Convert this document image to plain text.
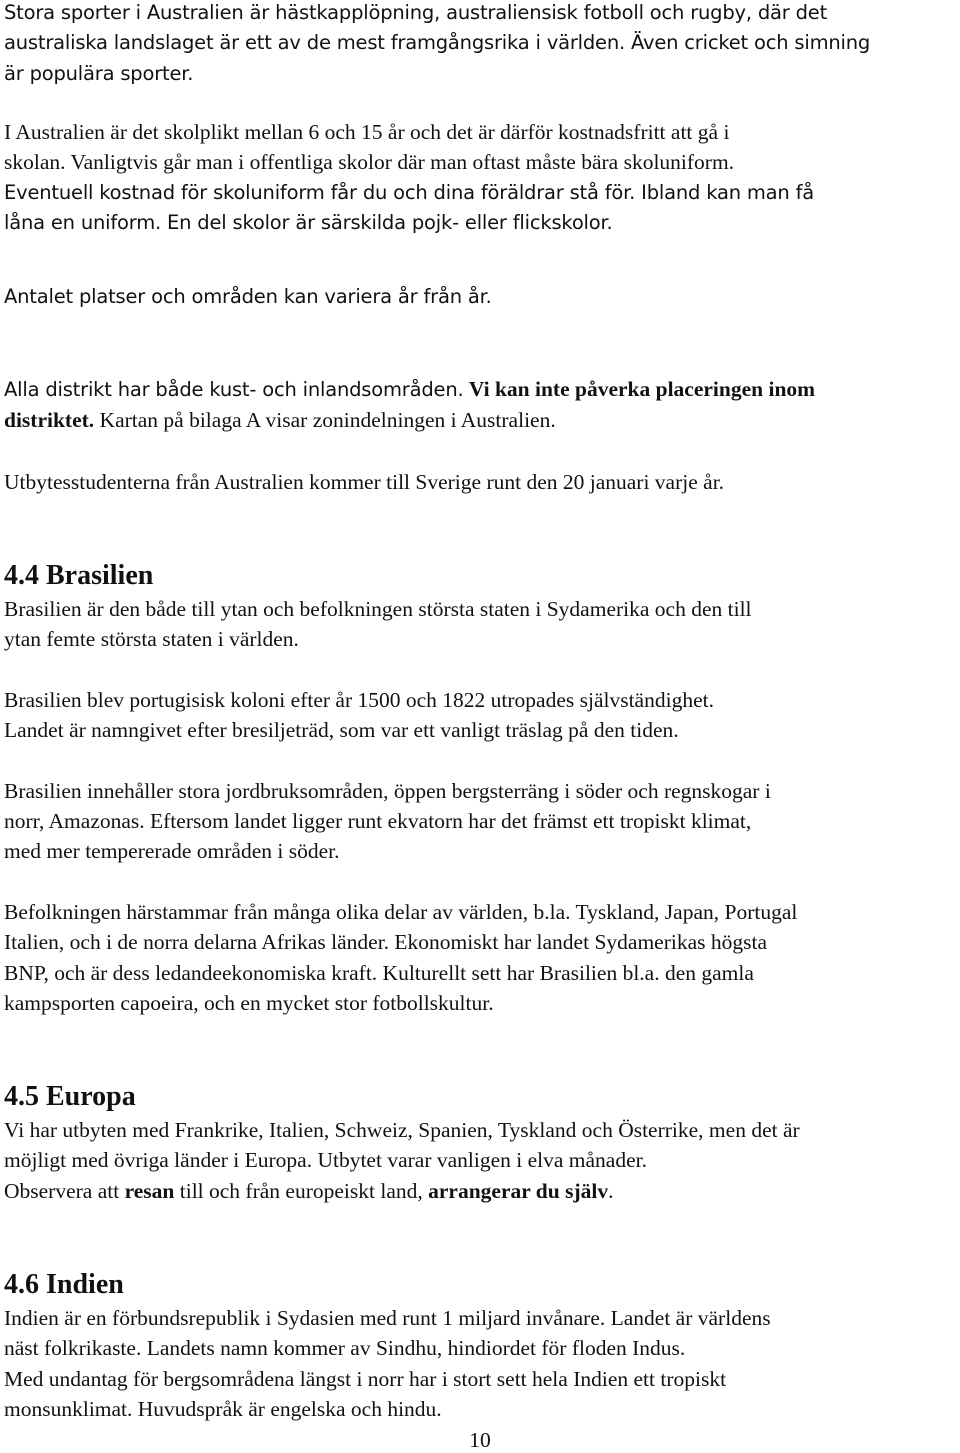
Stora sporter i Australien är hästkapplöpning, australiensisk fotboll och rugby, där det

australiska landslaget är ett av de mest framgångsrika i världen. Även cricket och simning

är populära sporter.

I Australien är det skolplikt mellan 6 och 15 år och det är därför kostnadsfritt att gå i

skolan. Vanligtvis går man i offentliga skolor där man oftast måste bära skoluniform.

Eventuell kostnad för skoluniform får du och dina föräldrar stå för. Ibland kan man få

låna en uniform. En del skolor är särskilda pojk- eller flickskolor.

Antalet platser och områden kan variera år från år.

Alla distrikt har både kust- och inlandsområden. Vi kan inte påverka placeringen inom

distriktet. Kartan på bilaga A visar zonindelningen i Australien.

Utbytesstudenterna från Australien kommer till Sverige runt den 20 januari varje år.

4.4 Brasilien

Brasilien är den både till ytan och befolkningen största staten i Sydamerika och den till

ytan femte största staten i världen.

Brasilien blev portugisisk koloni efter år 1500 och 1822 utropades självständighet.

Landet är namngivet efter bresiljeträd, som var ett vanligt träslag på den tiden.

Brasilien innehåller stora jordbruksområden, öppen bergsterräng i söder och regnskogar i

norr, Amazonas. Eftersom landet ligger runt ekvatorn har det främst ett tropiskt klimat,

med mer tempererade områden i söder.

Befolkningen härstammar från många olika delar av världen, b.la. Tyskland, Japan, Portugal

Italien, och i de norra delarna Afrikas länder. Ekonomiskt har landet Sydamerikas högsta

BNP, och är dess ledandeekonomiska kraft. Kulturellt sett har Brasilien bl.a. den gamla

kampsporten capoeira, och en mycket stor fotbollskultur.

4.5 Europa

Vi har utbyten med Frankrike, Italien, Schweiz, Spanien, Tyskland och Österrike, men det är

möjligt med övriga länder i Europa. Utbytet varar vanligen i elva månader.

Observera att resan till och från europeiskt land, arrangerar du själv.

4.6 Indien

Indien är en förbundsrepublik i Sydasien med runt 1 miljard invånare. Landet är världens

näst folkrikaste. Landets namn kommer av Sindhu, hindiordet för floden Indus.

Med undantag för bergsområdena längst i norr har i stort sett hela Indien ett tropiskt

monsunklimat. Huvudspråk är engelska och hindu.

10
